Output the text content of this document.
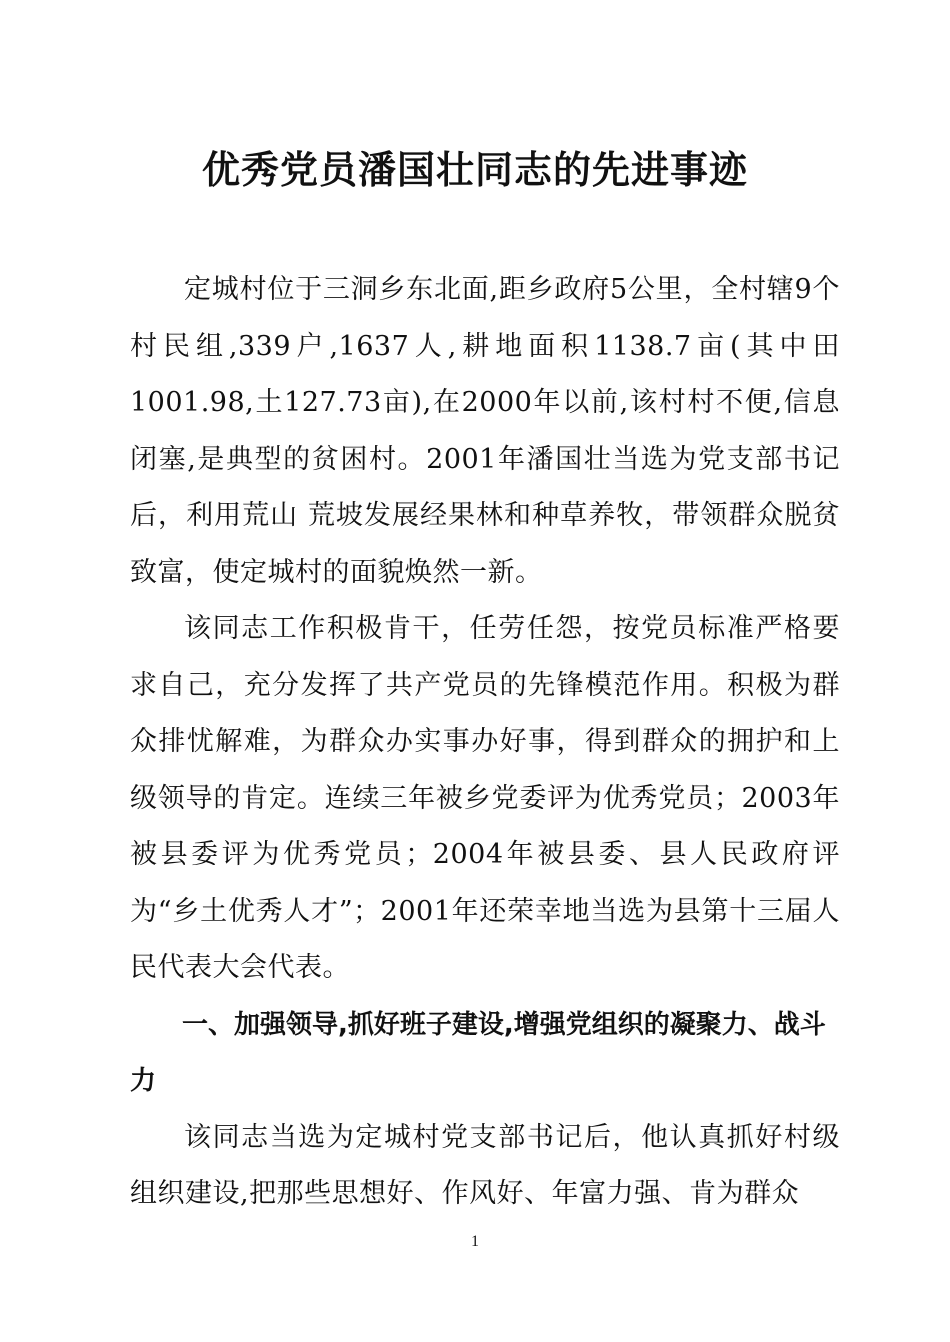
优秀党员潘国壮同志的先进事迹

定城村位于三洞乡东北面,距乡政府5公里，全村辖9个村民组,339户,1637人,耕地面积1138.7亩(其中田1001.98,土127.73亩),在2000年以前,该村村不便,信息闭塞,是典型的贫困村。2001年潘国壮当选为党支部书记后，利用荒山 荒坡发展经果林和种草养牧，带领群众脱贫致富，使定城村的面貌焕然一新。

该同志工作积极肯干，任劳任怨，按党员标准严格要求自己，充分发挥了共产党员的先锋模范作用。积极为群众排忧解难，为群众办实事办好事，得到群众的拥护和上级领导的肯定。连续三年被乡党委评为优秀党员；2003年被县委评为优秀党员；2004年被县委、县人民政府评为“乡土优秀人才”；2001年还荣幸地当选为县第十三届人民代表大会代表。

一、加强领导,抓好班子建设,增强党组织的凝聚力、战斗力

该同志当选为定城村党支部书记后，他认真抓好村级组织建设,把那些思想好、作风好、年富力强、肯为群众

1
